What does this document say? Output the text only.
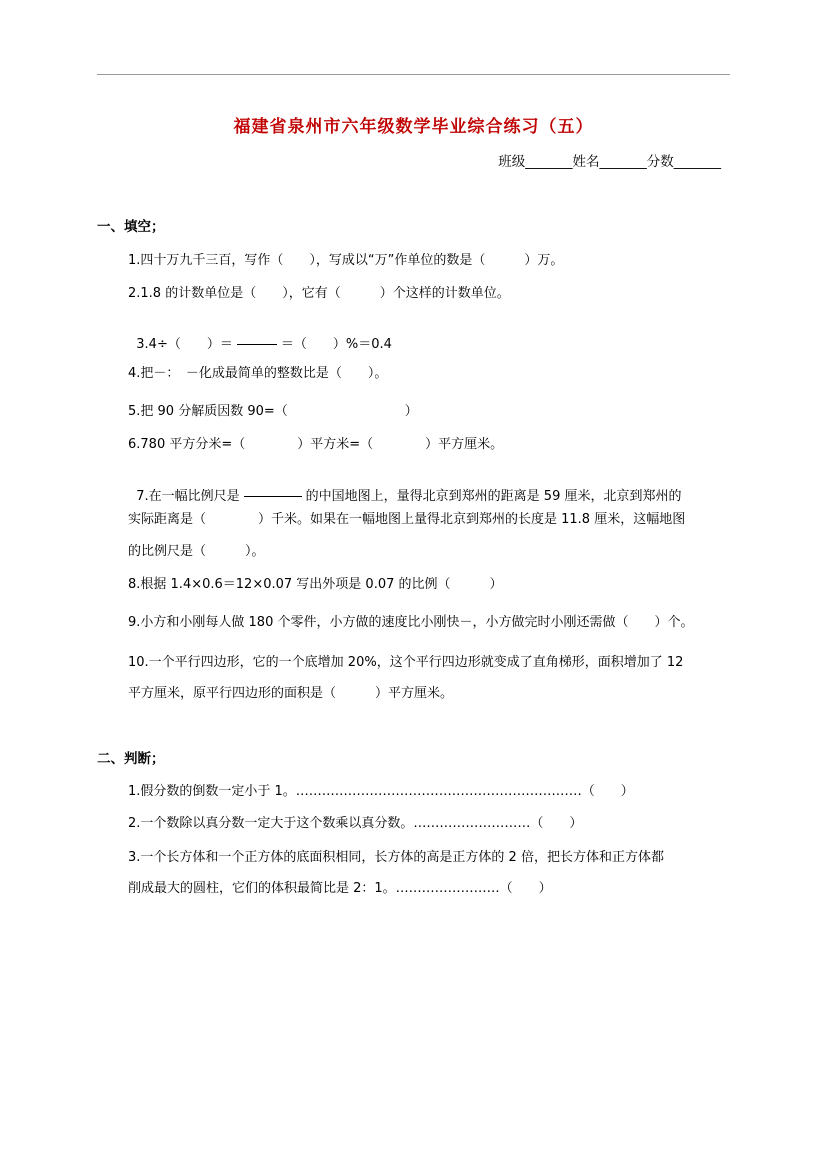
福建省泉州市六年级数学毕业综合练习（五）
班级_______姓名_______分数_______
一、填空；
1.四十万九千三百，写作（　　），写成以“万”作单位的数是（　　　）万。
2.1.8 的计数单位是（　　），它有（　　　）个这样的计数单位。

3.4÷（　　）＝	＝（　　）%＝0.4

4.把－：　－化成最简单的整数比是（　　）。
5.把 90 分解质因数 90=（　　　　　　　　　）
6.780 平方分米=（　　　　）平方米=（　　　　）平方厘米。

7.在一幅比例尺是	的中国地图上，量得北京到郑州的距离是 59 厘米，北京到郑州的

实际距离是（　　　　）千米。如果在一幅地图上量得北京到郑州的长度是 11.8 厘米，这幅地图
的比例尺是（　　　）。
8.根据 1.4×0.6＝12×0.07 写出外项是 0.07 的比例（　　　）
9.小方和小刚每人做 180 个零件，小方做的速度比小刚快－，小方做完时小刚还需做（　　）个。
10.一个平行四边形，它的一个底增加 20%，这个平行四边形就变成了直角梯形，面积增加了 12
平方厘米，原平行四边形的面积是（　　　）平方厘米。
二、判断；
1.假分数的倒数一定小于 1。…………………………………………………………（　　）
2.一个数除以真分数一定大于这个数乘以真分数。………………………（　　）
3.一个长方体和一个正方体的底面积相同，长方体的高是正方体的 2 倍，把长方体和正方体都
削成最大的圆柱，它们的体积最简比是 2：1。……………………（　　）
